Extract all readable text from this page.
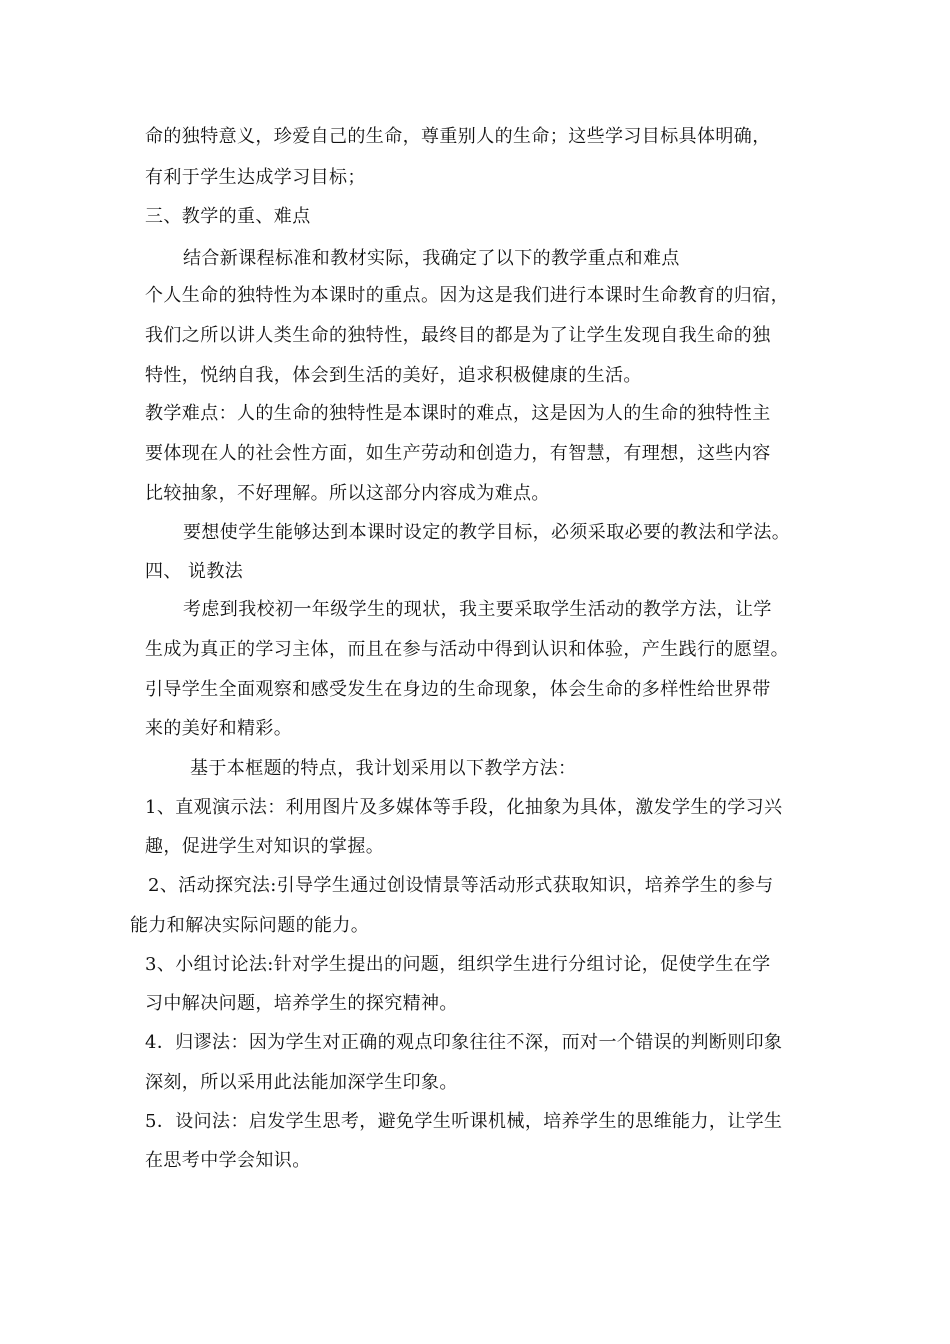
命的独特意义，珍爱自己的生命，尊重别人的生命；这些学习目标具体明确，
有利于学生达成学习目标；
三、教学的重、难点
结合新课程标准和教材实际，我确定了以下的教学重点和难点
个人生命的独特性为本课时的重点。因为这是我们进行本课时生命教育的归宿，
我们之所以讲人类生命的独特性，最终目的都是为了让学生发现自我生命的独
特性，悦纳自我，体会到生活的美好，追求积极健康的生活。
教学难点：人的生命的独特性是本课时的难点，这是因为人的生命的独特性主
要体现在人的社会性方面，如生产劳动和创造力，有智慧，有理想，这些内容
比较抽象，不好理解。所以这部分内容成为难点。
要想使学生能够达到本课时设定的教学目标，必须采取必要的教法和学法。
四、 说教法
考虑到我校初一年级学生的现状，我主要采取学生活动的教学方法，让学
生成为真正的学习主体，而且在参与活动中得到认识和体验，产生践行的愿望。
引导学生全面观察和感受发生在身边的生命现象，体会生命的多样性给世界带
来的美好和精彩。
基于本框题的特点，我计划采用以下教学方法：
1、直观演示法：利用图片及多媒体等手段，化抽象为具体，激发学生的学习兴
趣，促进学生对知识的掌握。
2、活动探究法:引导学生通过创设情景等活动形式获取知识，培养学生的参与
能力和解决实际问题的能力。
3、小组讨论法:针对学生提出的问题，组织学生进行分组讨论，促使学生在学
习中解决问题，培养学生的探究精神。
4．归谬法：因为学生对正确的观点印象往往不深，而对一个错误的判断则印象
深刻，所以采用此法能加深学生印象。
5．设问法：启发学生思考，避免学生听课机械，培养学生的思维能力，让学生
在思考中学会知识。
